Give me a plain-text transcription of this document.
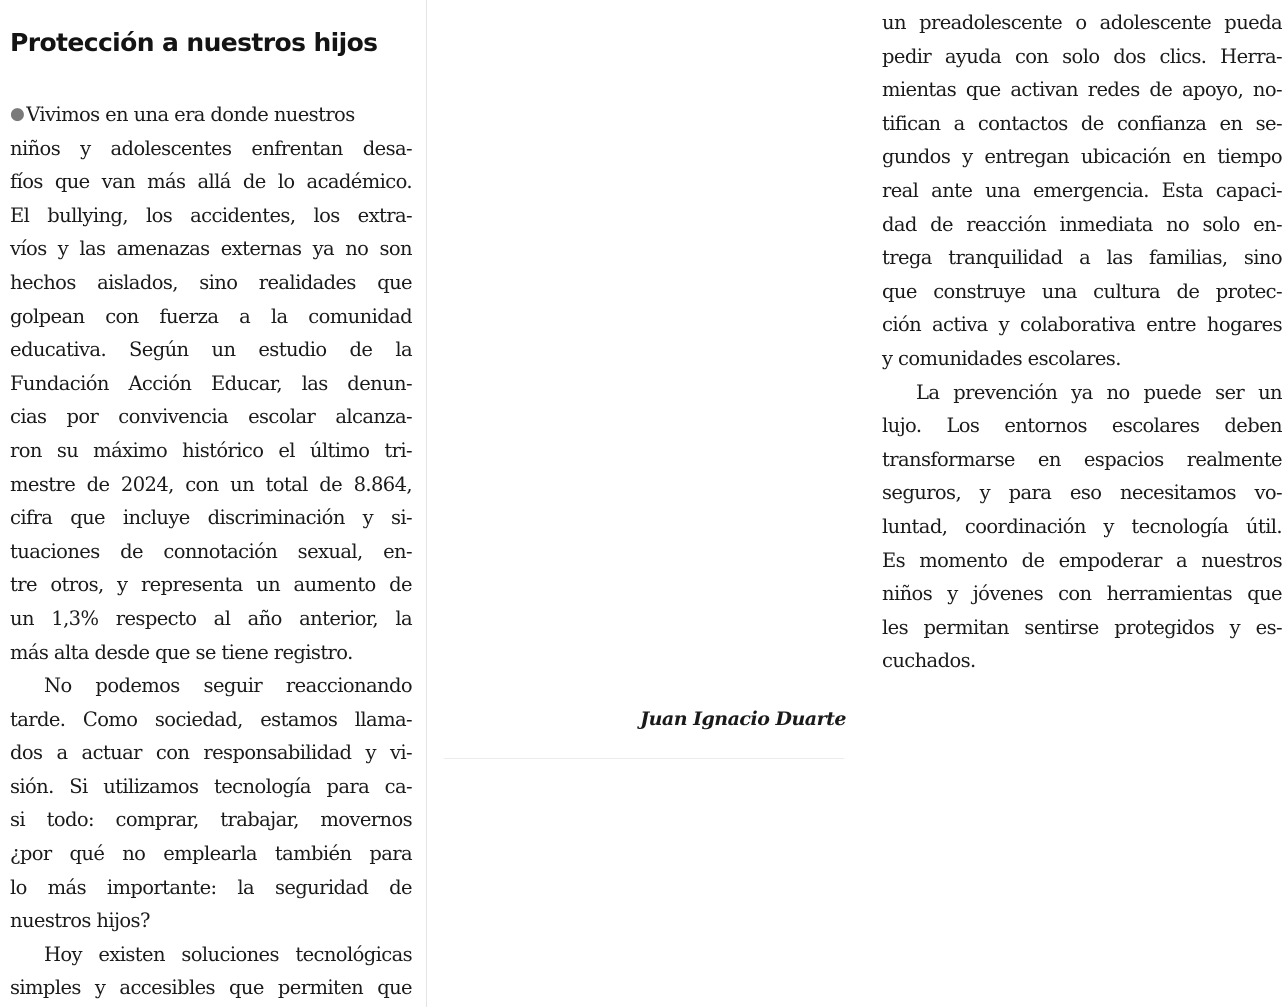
Protección a nuestros hijos
● Vivimos en una era donde nuestros
niños y adolescentes enfrentan desa-
fíos que van más allá de lo académico.
El bullying, los accidentes, los extra-
víos y las amenazas externas ya no son
hechos aislados, sino realidades que
golpean con fuerza a la comunidad
educativa. Según un estudio de la
Fundación Acción Educar, las denun-
cias por convivencia escolar alcanza-
ron su máximo histórico el último tri-
mestre de 2024, con un total de 8.864,
cifra que incluye discriminación y si-
tuaciones de connotación sexual, en-
tre otros, y representa un aumento de
un 1,3% respecto al año anterior, la
más alta desde que se tiene registro.
No podemos seguir reaccionando
tarde. Como sociedad, estamos llama-
dos a actuar con responsabilidad y vi-
sión. Si utilizamos tecnología para ca-
si todo: comprar, trabajar, movernos
¿por qué no emplearla también para
lo más importante: la seguridad de
nuestros hijos?
Hoy existen soluciones tecnológicas
simples y accesibles que permiten que
un preadolescente o adolescente pueda
pedir ayuda con solo dos clics. Herra-
mientas que activan redes de apoyo, no-
tifican a contactos de confianza en se-
gundos y entregan ubicación en tiempo
real ante una emergencia. Esta capaci-
dad de reacción inmediata no solo en-
trega tranquilidad a las familias, sino
que construye una cultura de protec-
ción activa y colaborativa entre hogares
y comunidades escolares.
La prevención ya no puede ser un
lujo. Los entornos escolares deben
transformarse en espacios realmente
seguros, y para eso necesitamos vo-
luntad, coordinación y tecnología útil.
Es momento de empoderar a nuestros
niños y jóvenes con herramientas que
les permitan sentirse protegidos y es-
cuchados.
Juan Ignacio Duarte
